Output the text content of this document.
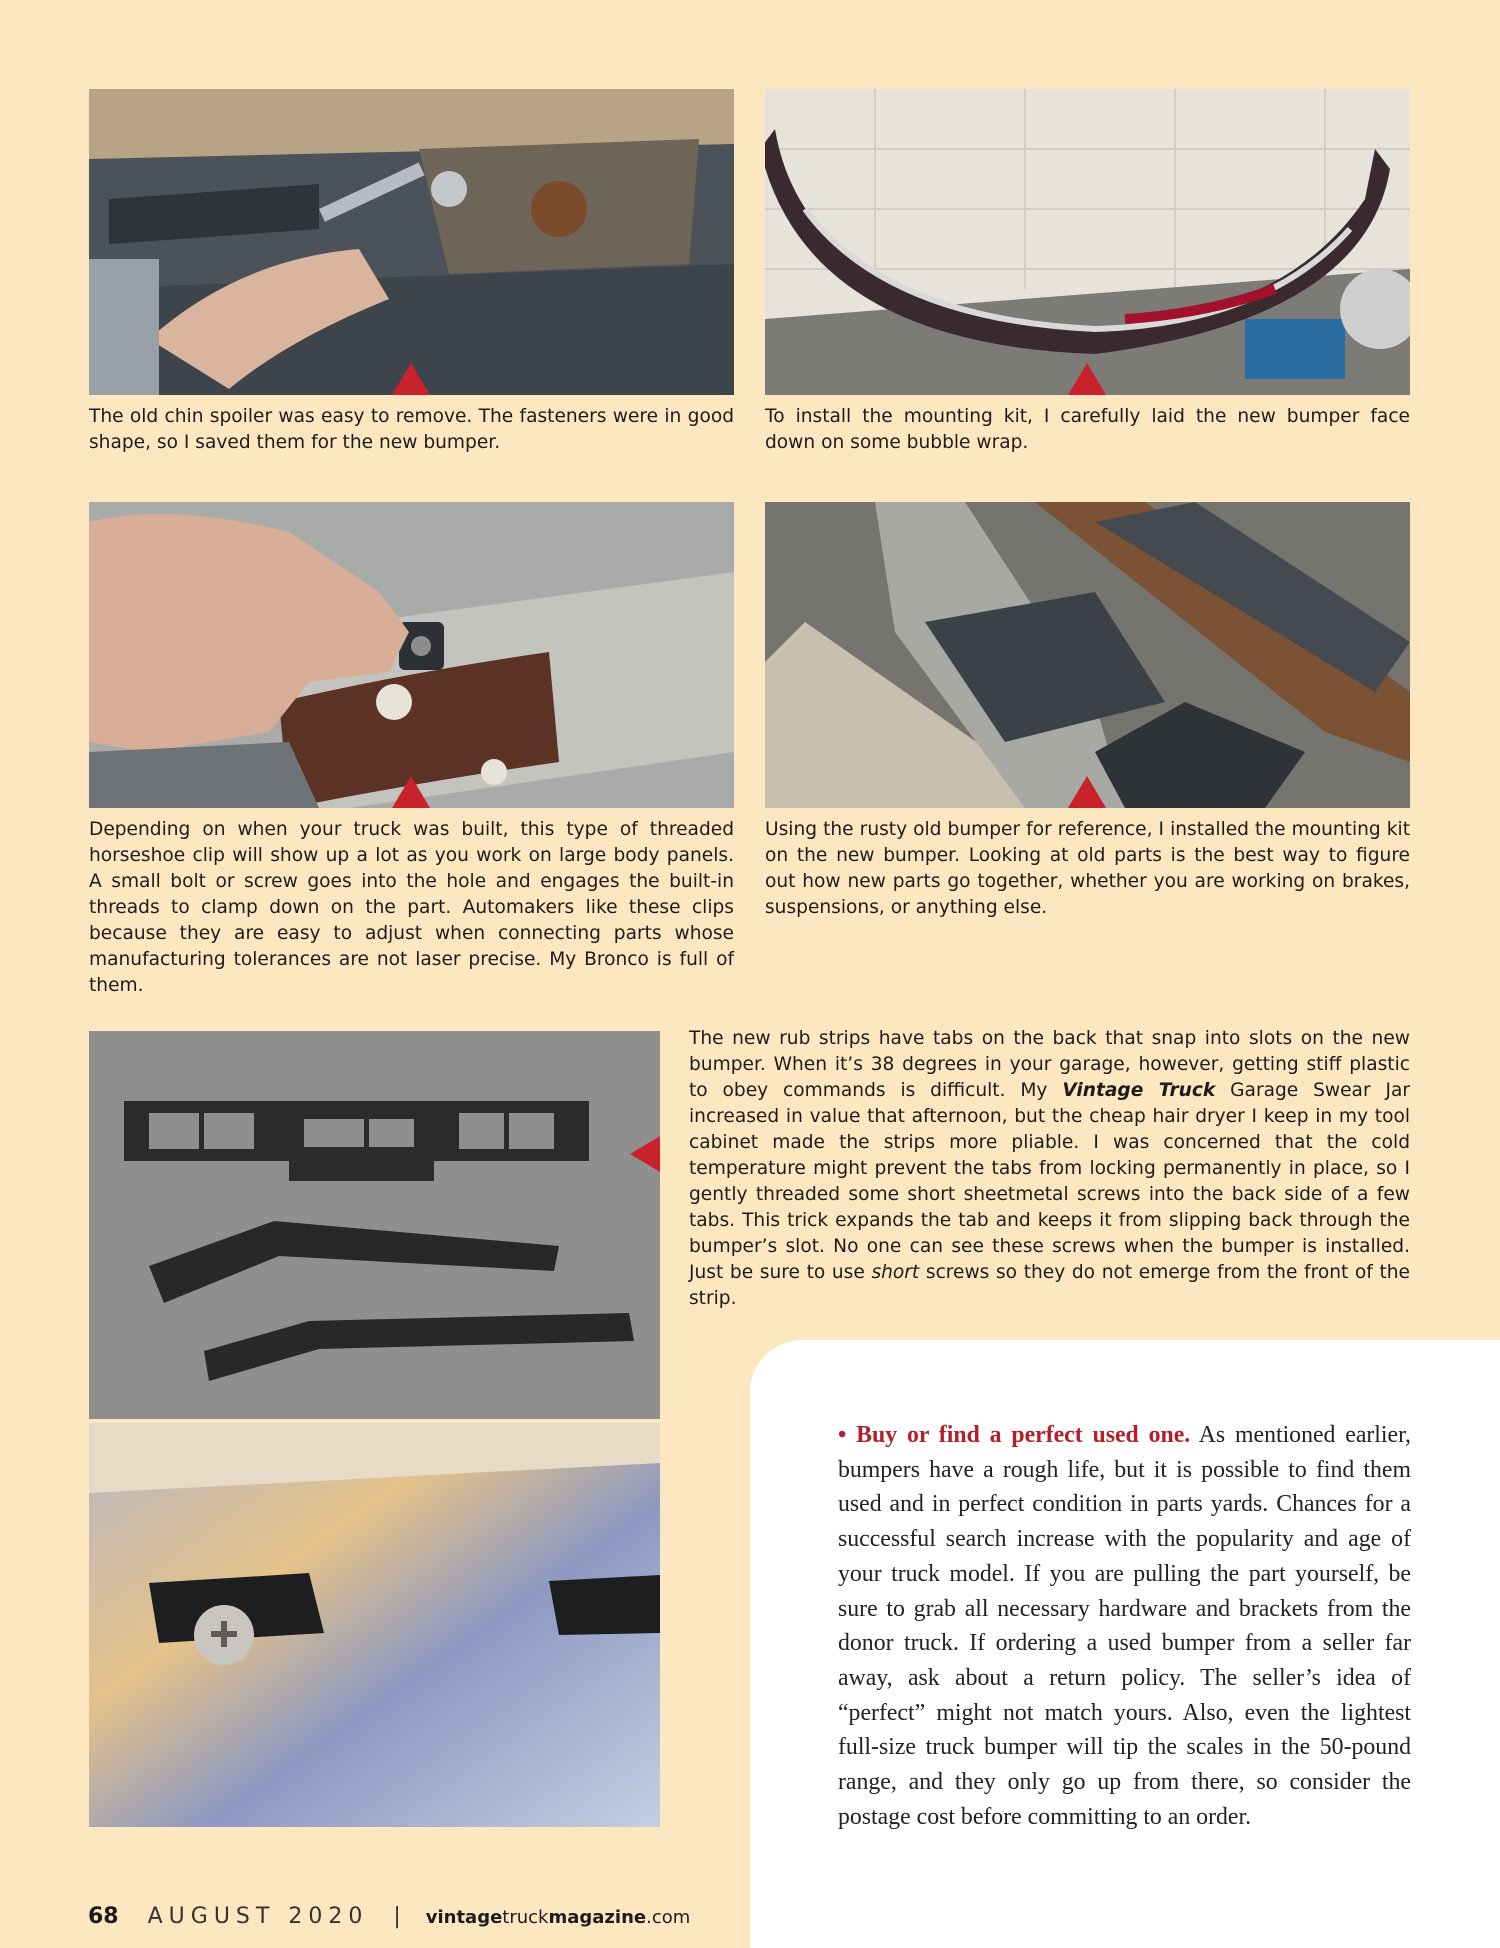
The old chin spoiler was easy to remove. The fasteners were in good shape, so I saved them for the new bumper.
To install the mounting kit, I carefully laid the new bumper face down on some bubble wrap.
Depending on when your truck was built, this type of threaded horseshoe clip will show up a lot as you work on large body panels. A small bolt or screw goes into the hole and engages the built-in threads to clamp down on the part. Automakers like these clips because they are easy to adjust when connecting parts whose manufacturing tolerances are not laser precise. My Bronco is full of them.
Using the rusty old bumper for reference, I installed the mounting kit on the new bumper. Looking at old parts is the best way to figure out how new parts go together, whether you are working on brakes, suspensions, or anything else.
The new rub strips have tabs on the back that snap into slots on the new bumper. When it’s 38 degrees in your garage, however, getting stiff plastic to obey commands is difficult. My Vintage Truck Garage Swear Jar increased in value that afternoon, but the cheap hair dryer I keep in my tool cabinet made the strips more pliable. I was concerned that the cold temperature might prevent the tabs from locking permanently in place, so I gently threaded some short sheetmetal screws into the back side of a few tabs. This trick expands the tab and keeps it from slipping back through the bumper’s slot. No one can see these screws when the bumper is installed. Just be sure to use short screws so they do not emerge from the front of the strip.
• Buy or find a perfect used one. As mentioned earlier, bumpers have a rough life, but it is possible to find them used and in perfect condition in parts yards. Chances for a successful search increase with the popularity and age of your truck model. If you are pulling the part yourself, be sure to grab all necessary hardware and brackets from the donor truck. If ordering a used bumper from a seller far away, ask about a return policy. The seller’s idea of “perfect” might not match yours. Also, even the lightest full-size truck bumper will tip the scales in the 50-pound range, and they only go up from there, so consider the postage cost before committing to an order.
68 AUGUST 2020 | vintagetruckmagazine.com
